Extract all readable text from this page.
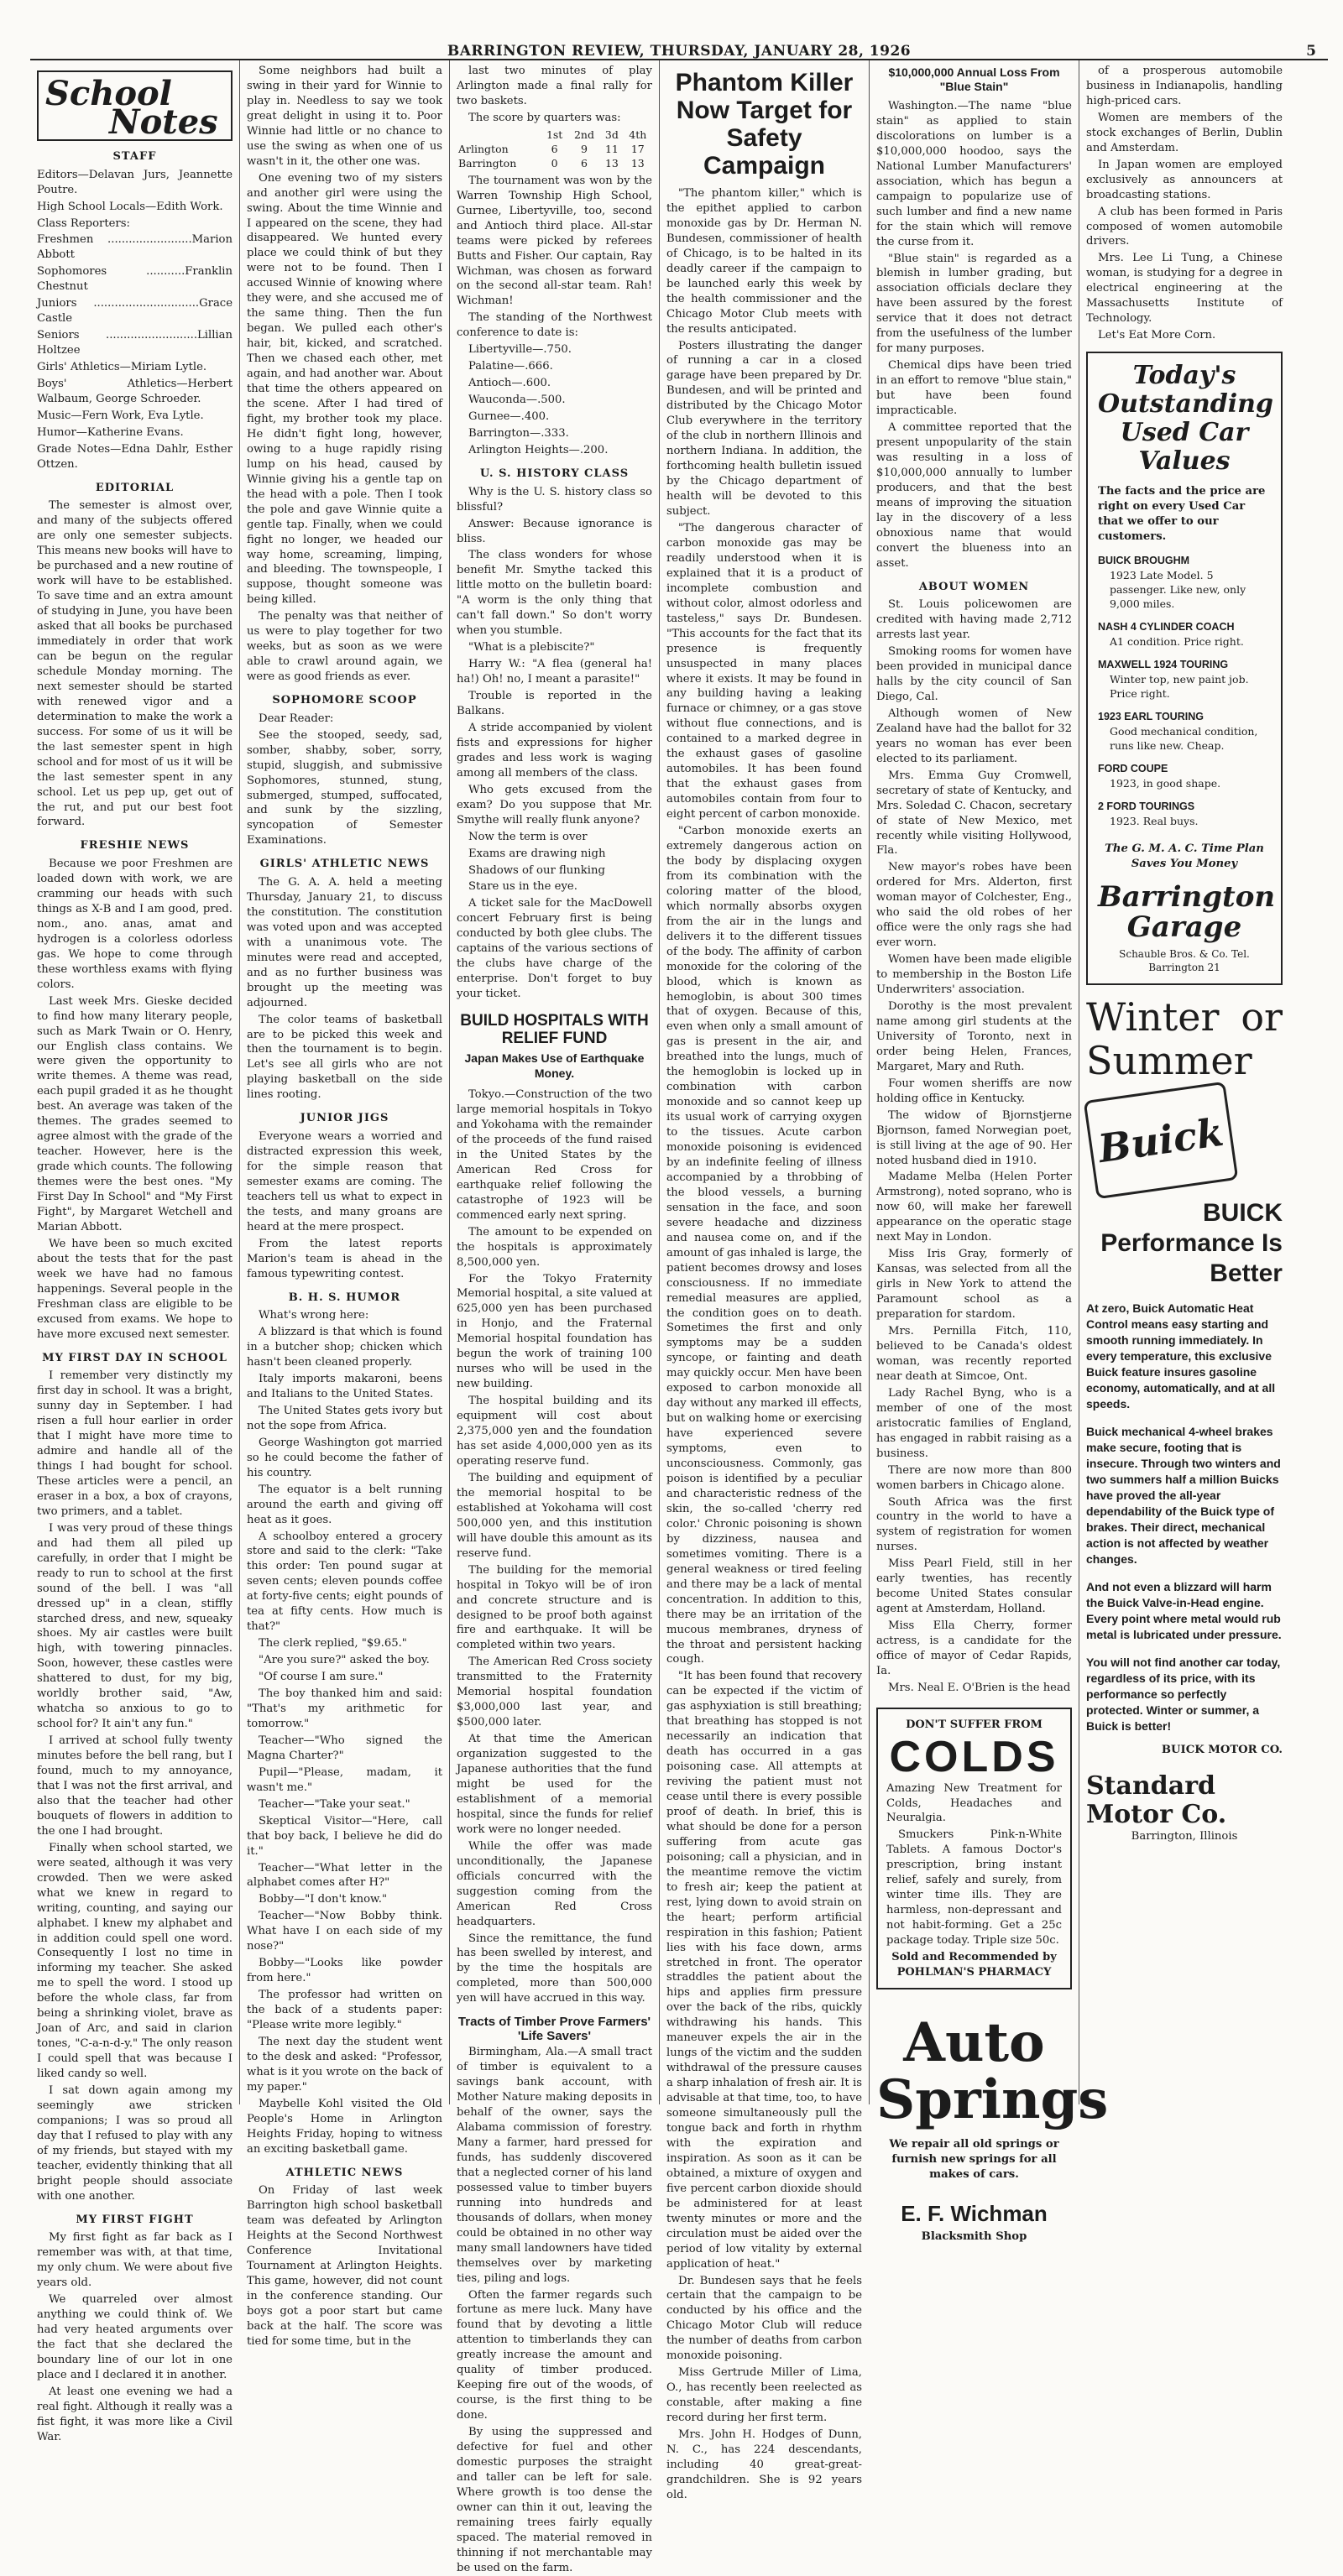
BARRINGTON REVIEW, THURSDAY, JANUARY 28, 1926	5
School
Notes
STAFF

Editors—Delavan Jurs, Jeannette Poutre.

High School Locals—Edith Work.

Class Reporters:

Freshmen ........................Marion Abbott

Sophomores ...........Franklin Chestnut

Juniors ..............................Grace Castle

Seniors ..........................Lillian Holtzee

Girls' Athletics—Miriam Lytle.

Boys' Athletics—Herbert Walbaum, George Schroeder.

Music—Fern Work, Eva Lytle.

Humor—Katherine Evans.

Grade Notes—Edna Dahlr, Esther Ottzen.

EDITORIAL

The semester is almost over, and many of the subjects offered are only one semester subjects. This means new books will have to be purchased and a new routine of work will have to be established. To save time and an extra amount of studying in June, you have been asked that all books be purchased immediately in order that work can be begun on the regular schedule Monday morning. The next semester should be started with renewed vigor and a determination to make the work a success. For some of us it will be the last semester spent in high school and for most of us it will be the last semester spent in any school. Let us pep up, get out of the rut, and put our best foot forward.

FRESHIE NEWS

Because we poor Freshmen are loaded down with work, we are cramming our heads with such things as X-B and I am good, pred. nom., ano. anas, amat and hydrogen is a colorless odorless gas. We hope to come through these worthless exams with flying colors.

Last week Mrs. Gieske decided to find how many literary people, such as Mark Twain or O. Henry, our English class contains. We were given the opportunity to write themes. A theme was read, each pupil graded it as he thought best. An average was taken of the themes. The grades seemed to agree almost with the grade of the teacher. However, here is the grade which counts. The following themes were the best ones. "My First Day In School" and "My First Fight", by Margaret Wetchell and Marian Abbott.

We have been so much excited about the tests that for the past week we have had no famous happenings. Several people in the Freshman class are eligible to be excused from exams. We hope to have more excused next semester.

MY FIRST DAY IN SCHOOL

I remember very distinctly my first day in school. It was a bright, sunny day in September. I had risen a full hour earlier in order that I might have more time to admire and handle all of the things I had bought for school. These articles were a pencil, an eraser in a box, a box of crayons, two primers, and a tablet.

I was very proud of these things and had them all piled up carefully, in order that I might be ready to run to school at the first sound of the bell. I was "all dressed up" in a clean, stiffly starched dress, and new, squeaky shoes. My air castles were built high, with towering pinnacles. Soon, however, these castles were shattered to dust, for my big, worldly brother said, "Aw, whatcha so anxious to go to school for? It ain't any fun."

I arrived at school fully twenty minutes before the bell rang, but I found, much to my annoyance, that I was not the first arrival, and also that the teacher had other bouquets of flowers in addition to the one I had brought.

Finally when school started, we were seated, although it was very crowded. Then we were asked what we knew in regard to writing, counting, and saying our alphabet. I knew my alphabet and in addition could spell one word. Consequently I lost no time in informing my teacher. She asked me to spell the word. I stood up before the whole class, far from being a shrinking violet, brave as Joan of Arc, and said in clarion tones, "C-a-n-d-y." The only reason I could spell that was because I liked candy so well.

I sat down again among my seemingly awe stricken companions; I was so proud all day that I refused to play with any of my friends, but stayed with my teacher, evidently thinking that all bright people should associate with one another.

MY FIRST FIGHT

My first fight as far back as I remember was with, at that time, my only chum. We were about five years old.

We quarreled over almost anything we could think of. We had very heated arguments over the fact that she declared the boundary line of our lot in one place and I declared it in another.

At least one evening we had a real fight. Although it really was a fist fight, it was more like a Civil War.

Some neighbors had built a swing in their yard for Winnie to play in. Needless to say we took great delight in using it to. Poor Winnie had little or no chance to use the swing as when one of us wasn't in it, the other one was.

One evening two of my sisters and another girl were using the swing. About the time Winnie and I appeared on the scene, they had disappeared. We hunted every place we could think of but they were not to be found. Then I accused Winnie of knowing where they were, and she accused me of the same thing. Then the fun began. We pulled each other's hair, bit, kicked, and scratched. Then we chased each other, met again, and had another war. About that time the others appeared on the scene. After I had tired of fight, my brother took my place. He didn't fight long, however, owing to a huge rapidly rising lump on his head, caused by Winnie giving his a gentle tap on the head with a pole. Then I took the pole and gave Winnie quite a gentle tap. Finally, when we could fight no longer, we headed our way home, screaming, limping, and bleeding. The townspeople, I suppose, thought someone was being killed.

The penalty was that neither of us were to play together for two weeks, but as soon as we were able to crawl around again, we were as good friends as ever.

SOPHOMORE SCOOP

Dear Reader:

See the stooped, seedy, sad, somber, shabby, sober, sorry, stupid, sluggish, and submissive Sophomores, stunned, stung, submerged, stumped, suffocated, and sunk by the sizzling, syncopation of Semester Examinations.

GIRLS' ATHLETIC NEWS

The G. A. A. held a meeting Thursday, January 21, to discuss the constitution. The constitution was voted upon and was accepted with a unanimous vote. The minutes were read and accepted, and as no further business was brought up the meeting was adjourned.

The color teams of basketball are to be picked this week and then the tournament is to begin. Let's see all girls who are not playing basketball on the side lines rooting.

JUNIOR JIGS

Everyone wears a worried and distracted expression this week, for the simple reason that semester exams are coming. The teachers tell us what to expect in the tests, and many groans are heard at the mere prospect.

From the latest reports Marion's team is ahead in the famous typewriting contest.

B. H. S. HUMOR

What's wrong here:

A blizzard is that which is found in a butcher shop; chicken which hasn't been cleaned properly.

Italy imports makaroni, beens and Italians to the United States.

The United States gets ivory but not the sope from Africa.

George Washington got married so he could become the father of his country.

The equator is a belt running around the earth and giving off heat as it goes.

A schoolboy entered a grocery store and said to the clerk: "Take this order: Ten pound sugar at seven cents; eleven pounds coffee at forty-five cents; eight pounds of tea at fifty cents. How much is that?"

The clerk replied, "$9.65."

"Are you sure?" asked the boy.

"Of course I am sure."

The boy thanked him and said: "That's my arithmetic for tomorrow."

Teacher—"Who signed the Magna Charter?"

Pupil—"Please, madam, it wasn't me."

Teacher—"Take your seat."

Skeptical Visitor—"Here, call that boy back, I believe he did do it."

Teacher—"What letter in the alphabet comes after H?"

Bobby—"I don't know."

Teacher—"Now Bobby think. What have I on each side of my nose?"

Bobby—"Looks like powder from here."

The professor had written on the back of a students paper: "Please write more legibly."

The next day the student went to the desk and asked: "Professor, what is it you wrote on the back of my paper."

Maybelle Kohl visited the Old People's Home in Arlington Heights Friday, hoping to witness an exciting basketball game.

ATHLETIC NEWS

On Friday of last week Barrington high school basketball team was defeated by Arlington Heights at the Second Northwest Conference Invitational Tournament at Arlington Heights. This game, however, did not count in the conference standing. Our boys got a poor start but came back at the half. The score was tied for some time, but in the

last two minutes of play Arlington made a final rally for two baskets.

The score by quarters was:

	1st	2nd	3d	4th
Arlington	6	9	11	17
Barrington	0	6	13	13

The tournament was won by the Warren Township High School, Gurnee, Libertyville, too, second and Antioch third place. All-star teams were picked by referees Butts and Fisher. Our captain, Ray Wichman, was chosen as forward on the second all-star team. Rah! Wichman!

The standing of the Northwest conference to date is:

Libertyville—.750.

Palatine—.666.

Antioch—.600.

Wauconda—.500.

Gurnee—.400.

Barrington—.333.

Arlington Heights—.200.

U. S. HISTORY CLASS

Why is the U. S. history class so blissful?

Answer: Because ignorance is bliss.

The class wonders for whose benefit Mr. Smythe tacked this little motto on the bulletin board: "A worm is the only thing that can't fall down." So don't worry when you stumble.

"What is a plebiscite?"

Harry W.: "A flea (general ha! ha!) Oh! no, I meant a parasite!"

Trouble is reported in the Balkans.

A stride accompanied by violent fists and expressions for higher grades and less work is waging among all members of the class.

Who gets excused from the exam? Do you suppose that Mr. Smythe will really flunk anyone?

Now the term is over

Exams are drawing nigh

Shadows of our flunking

Stare us in the eye.

A ticket sale for the MacDowell concert February first is being conducted by both glee clubs. The captains of the various sections of the clubs have charge of the enterprise. Don't forget to buy your ticket.

BUILD HOSPITALS WITH RELIEF FUND
Japan Makes Use of Earthquake Money.

Tokyo.—Construction of the two large memorial hospitals in Tokyo and Yokohama with the remainder of the proceeds of the fund raised in the United States by the American Red Cross for earthquake relief following the catastrophe of 1923 will be commenced early next spring.

The amount to be expended on the hospitals is approximately 8,500,000 yen.

For the Tokyo Fraternity Memorial hospital, a site valued at 625,000 yen has been purchased in Honjo, and the Fraternal Memorial hospital foundation has begun the work of training 100 nurses who will be used in the new building.

The hospital building and its equipment will cost about 2,375,000 yen and the foundation has set aside 4,000,000 yen as its operating reserve fund.

The building and equipment of the memorial hospital to be established at Yokohama will cost 500,000 yen, and this institution will have double this amount as its reserve fund.

The building for the memorial hospital in Tokyo will be of iron and concrete structure and is designed to be proof both against fire and earthquake. It will be completed within two years.

The American Red Cross society transmitted to the Fraternity Memorial hospital foundation $3,000,000 last year, and $500,000 later.

At that time the American organization suggested to the Japanese authorities that the fund might be used for the establishment of a memorial hospital, since the funds for relief work were no longer needed.

While the offer was made unconditionally, the Japanese officials concurred with the suggestion coming from the American Red Cross headquarters.

Since the remittance, the fund has been swelled by interest, and by the time the hospitals are completed, more than 500,000 yen will have accrued in this way.

Tracts of Timber Prove Farmers' 'Life Savers'

Birmingham, Ala.—A small tract of timber is equivalent to a savings bank account, with Mother Nature making deposits in behalf of the owner, says the Alabama commission of forestry. Many a farmer, hard pressed for funds, has suddenly discovered that a neglected corner of his land possessed value to timber buyers running into hundreds and thousands of dollars, when money could be obtained in no other way many small landowners have tided themselves over by marketing ties, piling and logs.

Often the farmer regards such fortune as mere luck. Many have found that by devoting a little attention to timberlands they can greatly increase the amount and quality of timber produced. Keeping fire out of the woods, of course, is the first thing to be done.

By using the suppressed and defective for fuel and other domestic purposes the straight and taller can be left for sale. Where growth is too dense the owner can thin it out, leaving the remaining trees fairly equally spaced. The material removed in thinning if not merchantable may be used on the farm.

Phantom Killer Now Target for Safety Campaign

"The phantom killer," which is the epithet applied to carbon monoxide gas by Dr. Herman N. Bundesen, commissioner of health of Chicago, is to be halted in its deadly career if the campaign to be launched early this week by the health commissioner and the Chicago Motor Club meets with the results anticipated.

Posters illustrating the danger of running a car in a closed garage have been prepared by Dr. Bundesen, and will be printed and distributed by the Chicago Motor Club everywhere in the territory of the club in northern Illinois and northern Indiana. In addition, the forthcoming health bulletin issued by the Chicago department of health will be devoted to this subject.

"The dangerous character of carbon monoxide gas may be readily understood when it is explained that it is a product of incomplete combustion and without color, almost odorless and tasteless," says Dr. Bundesen. "This accounts for the fact that its presence is frequently unsuspected in many places where it exists. It may be found in any building having a leaking furnace or chimney, or a gas stove without flue connections, and is contained to a marked degree in the exhaust gases of gasoline automobiles. It has been found that the exhaust gases from automobiles contain from four to eight percent of carbon monoxide.

"Carbon monoxide exerts an extremely dangerous action on the body by displacing oxygen from its combination with the coloring matter of the blood, which normally absorbs oxygen from the air in the lungs and delivers it to the different tissues of the body. The affinity of carbon monoxide for the coloring of the blood, which is known as hemoglobin, is about 300 times that of oxygen. Because of this, even when only a small amount of gas is present in the air, and breathed into the lungs, much of the hemoglobin is locked up in combination with carbon monoxide and so cannot keep up its usual work of carrying oxygen to the tissues. Acute carbon monoxide poisoning is evidenced by an indefinite feeling of illness accompanied by a throbbing of the blood vessels, a burning sensation in the face, and soon severe headache and dizziness and nausea come on, and if the amount of gas inhaled is large, the patient becomes drowsy and loses consciousness. If no immediate remedial measures are applied, the condition goes on to death. Sometimes the first and only symptoms may be a sudden syncope, or fainting and death may quickly occur. Men have been exposed to carbon monoxide all day without any marked ill effects, but on walking home or exercising have experienced severe symptoms, even to unconsciousness. Commonly, gas poison is identified by a peculiar and characteristic redness of the skin, the so-called 'cherry red color.' Chronic poisoning is shown by dizziness, nausea and sometimes vomiting. There is a general weakness or tired feeling and there may be a lack of mental concentration. In addition to this, there may be an irritation of the mucous membranes, dryness of the throat and persistent hacking cough.

"It has been found that recovery can be expected if the victim of gas asphyxiation is still breathing; that breathing has stopped is not necessarily an indication that death has occurred in a gas poisoning case. All attempts at reviving the patient must not cease until there is every possible proof of death. In brief, this is what should be done for a person suffering from acute gas poisoning; call a physician, and in the meantime remove the victim to fresh air; keep the patient at rest, lying down to avoid strain on the heart; perform artificial respiration in this fashion; Patient lies with his face down, arms stretched in front. The operator straddles the patient about the hips and applies firm pressure over the back of the ribs, quickly withdrawing his hands. This maneuver expels the air in the lungs of the victim and the sudden withdrawal of the pressure causes a sharp inhalation of fresh air. It is advisable at that time, too, to have someone simultaneously pull the tongue back and forth in rhythm with the expiration and inspiration. As soon as it can be obtained, a mixture of oxygen and five percent carbon dioxide should be administered for at least twenty minutes or more and the circulation must be aided over the period of low vitality by external application of heat."

Dr. Bundesen says that he feels certain that the campaign to be conducted by his office and the Chicago Motor Club will reduce the number of deaths from carbon monoxide poisoning.

Miss Gertrude Miller of Lima, O., has recently been reelected as constable, after making a fine record during her first term.

Mrs. John H. Hodges of Dunn, N. C., has 224 descendants, including 40 great-great-grandchildren. She is 92 years old.

$10,000,000 Annual Loss From "Blue Stain"

Washington.—The name "blue stain" as applied to stain discolorations on lumber is a $10,000,000 hoodoo, says the National Lumber Manufacturers' association, which has begun a campaign to popularize use of such lumber and find a new name for the stain which will remove the curse from it.

"Blue stain" is regarded as a blemish in lumber grading, but association officials declare they have been assured by the forest service that it does not detract from the usefulness of the lumber for many purposes.

Chemical dips have been tried in an effort to remove "blue stain," but have been found impracticable.

A committee reported that the present unpopularity of the stain was resulting in a loss of $10,000,000 annually to lumber producers, and that the best means of improving the situation lay in the discovery of a less obnoxious name that would convert the blueness into an asset.

ABOUT WOMEN

St. Louis policewomen are credited with having made 2,712 arrests last year.

Smoking rooms for women have been provided in municipal dance halls by the city council of San Diego, Cal.

Although women of New Zealand have had the ballot for 32 years no woman has ever been elected to its parliament.

Mrs. Emma Guy Cromwell, secretary of state of Kentucky, and Mrs. Soledad C. Chacon, secretary of state of New Mexico, met recently while visiting Hollywood, Fla.

New mayor's robes have been ordered for Mrs. Alderton, first woman mayor of Colchester, Eng., who said the old robes of her office were the only rags she had ever worn.

Women have been made eligible to membership in the Boston Life Underwriters' association.

Dorothy is the most prevalent name among girl students at the University of Toronto, next in order being Helen, Frances, Margaret, Mary and Ruth.

Four women sheriffs are now holding office in Kentucky.

The widow of Bjornstjerne Bjornson, famed Norwegian poet, is still living at the age of 90. Her noted husband died in 1910.

Madame Melba (Helen Porter Armstrong), noted soprano, who is now 60, will make her farewell appearance on the operatic stage next May in London.

Miss Iris Gray, formerly of Kansas, was selected from all the girls in New York to attend the Paramount school as a preparation for stardom.

Mrs. Pernilla Fitch, 110, believed to be Canada's oldest woman, was recently reported near death at Simcoe, Ont.

Lady Rachel Byng, who is a member of one of the most aristocratic families of England, has engaged in rabbit raising as a business.

There are now more than 800 women barbers in Chicago alone.

South Africa was the first country in the world to have a system of registration for women nurses.

Miss Pearl Field, still in her early twenties, has recently become United States consular agent at Amsterdam, Holland.

Miss Ella Cherry, former actress, is a candidate for the office of mayor of Cedar Rapids, Ia.

Mrs. Neal E. O'Brien is the head

DON'T SUFFER FROM
COLDS

Amazing New Treatment for Colds, Headaches and Neuralgia.

Smuckers Pink-n-White Tablets. A famous Doctor's prescription, bring instant relief, safely and surely, from winter time ills. They are harmless, non-depressant and not habit-forming. Get a 25c package today. Triple size 50c.

Sold and Recommended by
POHLMAN'S PHARMACY
Auto Springs

We repair all old springs or furnish new springs for all makes of cars.

E. F. Wichman
Blacksmith Shop

of a prosperous automobile business in Indianapolis, handling high-priced cars.

Women are members of the stock exchanges of Berlin, Dublin and Amsterdam.

In Japan women are employed exclusively as announcers at broadcasting stations.

A club has been formed in Paris composed of women automobile drivers.

Mrs. Lee Li Tung, a Chinese woman, is studying for a degree in electrical engineering at the Massachusetts Institute of Technology.

Let's Eat More Corn.

Today's Outstanding Used Car Values

The facts and the price are right on every Used Car that we offer to our customers.

BUICK BROUGHM
1923 Late Model. 5 passenger. Like new, only 9,000 miles.
NASH 4 CYLINDER COACH
A1 condition. Price right.
MAXWELL 1924 TOURING
Winter top, new paint job. Price right.
1923 EARL TOURING
Good mechanical condition, runs like new. Cheap.
FORD COUPE
1923, in good shape.
2 FORD TOURINGS
1923. Real buys.
The G. M. A. C. Time Plan Saves You Money
Barrington Garage
Schauble Bros. & Co. Tel. Barrington 21
Winter or Summer
Buick
BUICK Performance Is Better
At zero, Buick Automatic Heat Control means easy starting and smooth running immediately. In every temperature, this exclusive Buick feature insures gasoline economy, automatically, and at all speeds.
Buick mechanical 4-wheel brakes make secure, footing that is insecure. Through two winters and two summers half a million Buicks have proved the all-year dependability of the Buick type of brakes. Their direct, mechanical action is not affected by weather changes.
And not even a blizzard will harm the Buick Valve-in-Head engine. Every point where metal would rub metal is lubricated under pressure.
You will not find another car today, regardless of its price, with its performance so perfectly protected. Winter or summer, a Buick is better!
BUICK MOTOR CO.
Standard Motor Co.
Barrington, Illinois
